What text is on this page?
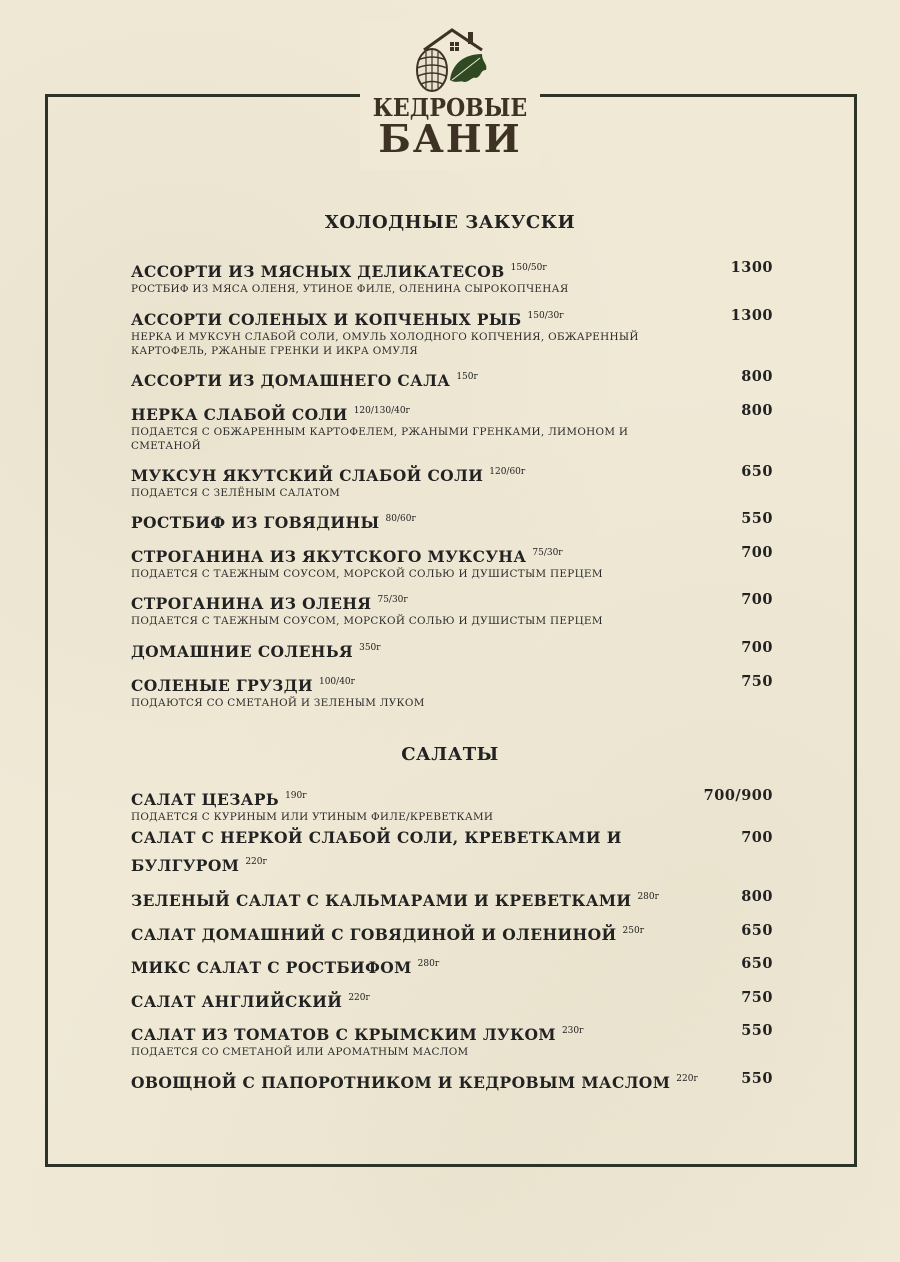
КЕДРОВЫЕ
БАНИ
ХОЛОДНЫЕ ЗАКУСКИ
АССОРТИ ИЗ МЯСНЫХ ДЕЛИКАТЕСОВ $^{150/50г}$
РОСТБИФ ИЗ МЯСА ОЛЕНЯ, УТИНОЕ ФИЛЕ, ОЛЕНИНА СЫРОКОПЧЕНАЯ
1300
АССОРТИ СОЛЕНЫХ И КОПЧЕНЫХ РЫБ $^{150/30г}$
НЕРКА И МУКСУН СЛАБОЙ СОЛИ, ОМУЛЬ ХОЛОДНОГО КОПЧЕНИЯ, ОБЖАРЕННЫЙ КАРТОФЕЛЬ, РЖАНЫЕ ГРЕНКИ И ИКРА ОМУЛЯ
1300
АССОРТИ ИЗ ДОМАШНЕГО САЛА $^{150г}$	800
НЕРКА СЛАБОЙ СОЛИ $^{120/130/40г}$
ПОДАЕТСЯ С ОБЖАРЕННЫМ КАРТОФЕЛЕМ, РЖАНЫМИ ГРЕНКАМИ, ЛИМОНОМ И СМЕТАНОЙ
800
МУКСУН ЯКУТСКИЙ СЛАБОЙ СОЛИ $^{120/60г}$
ПОДАЕТСЯ С ЗЕЛЁНЫМ САЛАТОМ
650
РОСТБИФ ИЗ ГОВЯДИНЫ $^{80/60г}$	550
СТРОГАНИНА ИЗ ЯКУТСКОГО МУКСУНА $^{75/30г}$
ПОДАЕТСЯ С ТАЕЖНЫМ СОУСОМ, МОРСКОЙ СОЛЬЮ И ДУШИСТЫМ ПЕРЦЕМ
700
СТРОГАНИНА ИЗ ОЛЕНЯ $^{75/30г}$
ПОДАЕТСЯ С ТАЕЖНЫМ СОУСОМ, МОРСКОЙ СОЛЬЮ И ДУШИСТЫМ ПЕРЦЕМ
700
ДОМАШНИЕ СОЛЕНЬЯ $^{350г}$	700
СОЛЕНЫЕ ГРУЗДИ $^{100/40г}$
ПОДАЮТСЯ СО СМЕТАНОЙ И ЗЕЛЕНЫМ ЛУКОМ
750
САЛАТЫ
САЛАТ ЦЕЗАРЬ $^{190г}$
ПОДАЕТСЯ С КУРИНЫМ ИЛИ УТИНЫМ ФИЛЕ/КРЕВЕТКАМИ
700/900
САЛАТ С НЕРКОЙ СЛАБОЙ СОЛИ, КРЕВЕТКАМИ И БУЛГУРОМ $^{220г}$
700
ЗЕЛЕНЫЙ САЛАТ С КАЛЬМАРАМИ И КРЕВЕТКАМИ $^{280г}$	800
САЛАТ ДОМАШНИЙ С ГОВЯДИНОЙ И ОЛЕНИНОЙ $^{250г}$	650
МИКС САЛАТ С РОСТБИФОМ $^{280г}$	650
САЛАТ АНГЛИЙСКИЙ $^{220г}$	750
САЛАТ ИЗ ТОМАТОВ С КРЫМСКИМ ЛУКОМ $^{230г}$
ПОДАЕТСЯ СО СМЕТАНОЙ ИЛИ АРОМАТНЫМ МАСЛОМ
550
ОВОЩНОЙ С ПАПОРОТНИКОМ И КЕДРОВЫМ МАСЛОМ $^{220г}$	550
